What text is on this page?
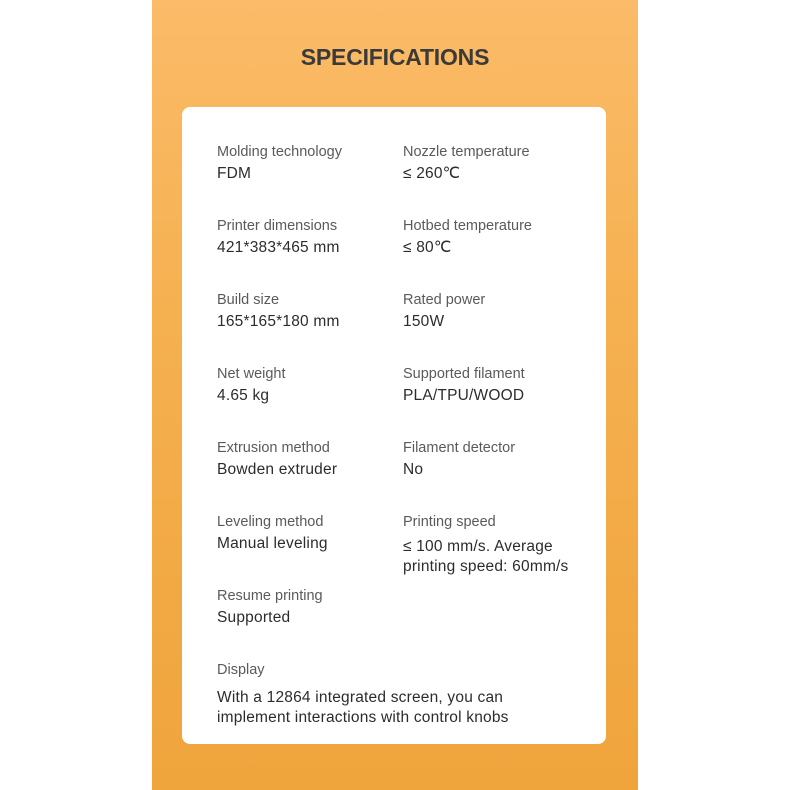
SPECIFICATIONS
Molding technology
FDM
Nozzle temperature
≤ 260℃
Printer dimensions
421*383*465 mm
Hotbed temperature
≤ 80℃
Build size
165*165*180 mm
Rated power
150W
Net weight
4.65 kg
Supported filament
PLA/TPU/WOOD
Extrusion method
Bowden extruder
Filament detector
No
Leveling method
Manual leveling
Printing speed
≤ 100 mm/s. Average
printing speed: 60mm/s
Resume printing
Supported
Display
With a 12864 integrated screen, you can
implement interactions with control knobs
